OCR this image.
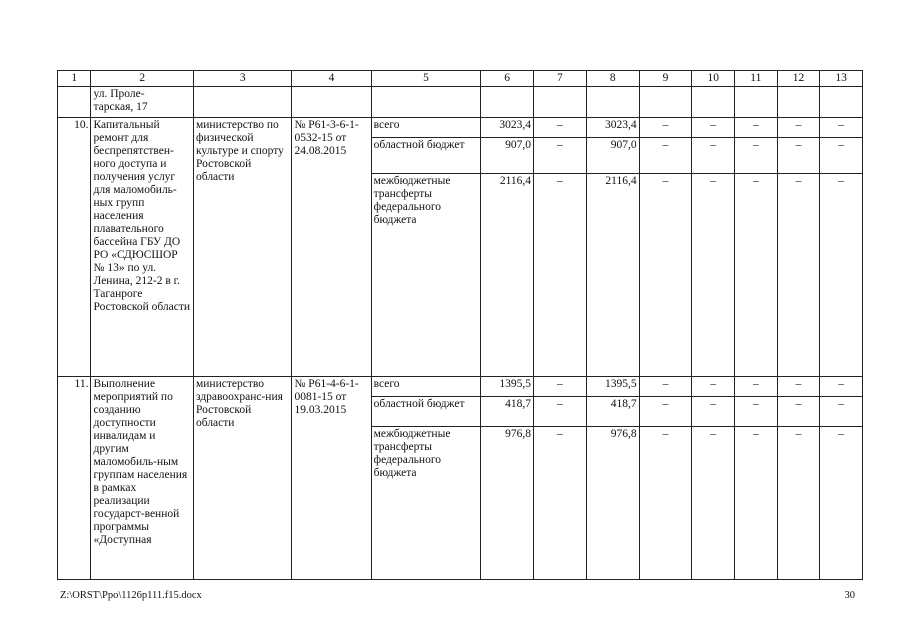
1	2	3	4	5	6	7	8	9	10	11	12	13
	ул. Проле-
тарская, 17											
10.	Капитальный ремонт для беспрепятствен-ного доступа и получения услуг для маломобиль-ных групп населения плавательного бассейна ГБУ ДО РО «СДЮСШОР № 13» по ул. Ленина, 212-2 в г. Таганроге Ростовской области	министерство по физической культуре и спорту Ростовской области	№ Р61-3-6-1-0532-15 от 24.08.2015	всего	3023,4	–	3023,4	–	–	–	–	–
				областной бюджет	907,0	–	907,0	–	–	–	–	–
				межбюджетные трансферты федерального бюджета	2116,4	–	2116,4	–	–	–	–	–
11.	Выполнение мероприятий по созданию доступности инвалидам и другим маломобиль-ным группам населения в рамках реализации государст-венной программы «Доступная	министерство здравоохранс-ния Ростовской области	№ Р61-4-6-1-0081-15 от 19.03.2015	всего	1395,5	–	1395,5	–	–	–	–	–
				областной бюджет	418,7	–	418,7	–	–	–	–	–
				межбюджетные трансферты федерального бюджета	976,8	–	976,8	–	–	–	–	–
Z:\ORST\Ppo\1126p111.f15.docx	30
